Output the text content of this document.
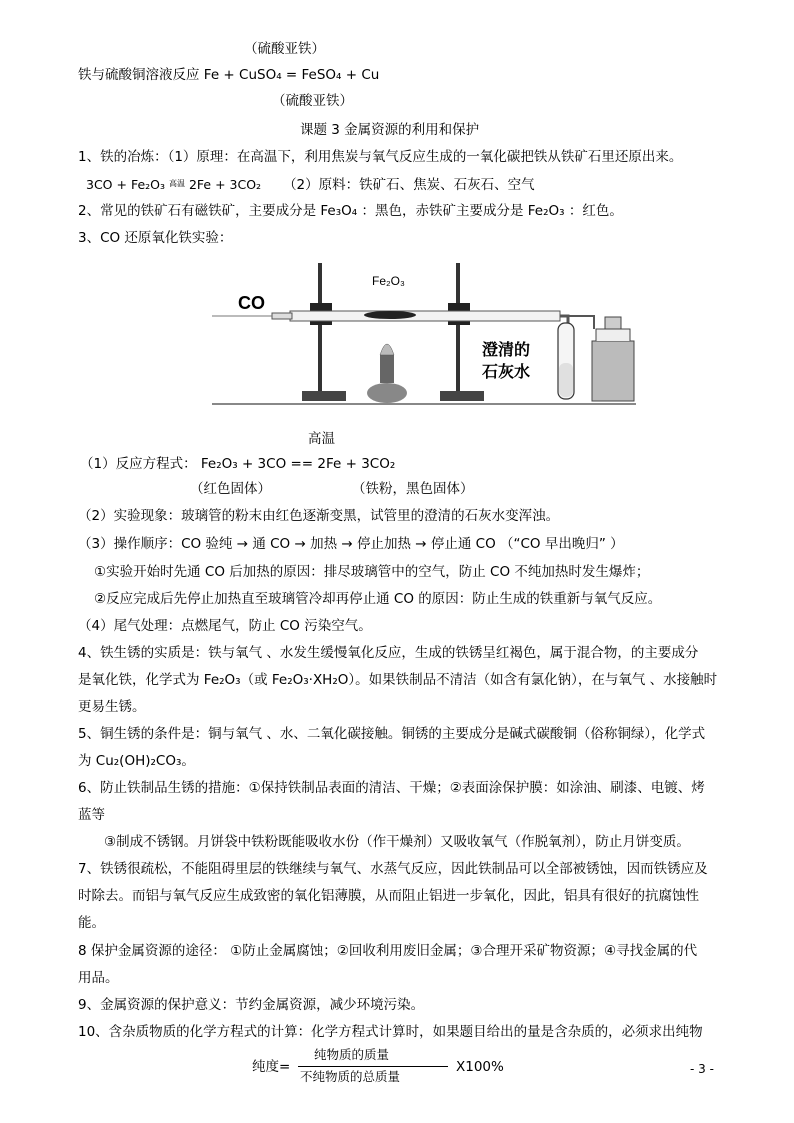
（硫酸亚铁）
铁与硫酸铜溶液反应 Fe + CuSO₄ = FeSO₄ + Cu
（硫酸亚铁）
课题 3 金属资源的利用和保护
1、铁的冶炼：（1）原理：在高温下，利用焦炭与氧气反应生成的一氧化碳把铁从铁矿石里还原出来。
3CO + Fe₂O₃ $^{高温}$ 2Fe + 3CO₂ （2）原料：铁矿石、焦炭、石灰石、空气
2、常见的铁矿石有磁铁矿，主要成分是 Fe₃O₄ ：黑色，赤铁矿主要成分是 Fe₂O₃ ：红色。
3、CO 还原氧化铁实验：
CO
Fe₂O₃
澄清的
石灰水
高温
（1）反应方程式： Fe₂O₃ + 3CO == 2Fe + 3CO₂
（红色固体）	（铁粉，黑色固体）
（2）实验现象：玻璃管的粉末由红色逐渐变黑，试管里的澄清的石灰水变浑浊。
（3）操作顺序：CO 验纯 → 通 CO → 加热 → 停止加热 → 停止通 CO （“CO 早出晚归” ）
①实验开始时先通 CO 后加热的原因：排尽玻璃管中的空气，防止 CO 不纯加热时发生爆炸；
②反应完成后先停止加热直至玻璃管冷却再停止通 CO 的原因：防止生成的铁重新与氧气反应。
（4）尾气处理：点燃尾气，防止 CO 污染空气。
4、铁生锈的实质是：铁与氧气 、水发生缓慢氧化反应，生成的铁锈呈红褐色，属于混合物，的主要成分
是氧化铁，化学式为 Fe₂O₃（或 Fe₂O₃·XH₂O）。如果铁制品不清洁（如含有氯化钠），在与氧气 、水接触时
更易生锈。
5、铜生锈的条件是：铜与氧气 、水、二氧化碳接触。铜锈的主要成分是碱式碳酸铜（俗称铜绿），化学式
为 Cu₂(OH)₂CO₃。
6、防止铁制品生锈的措施：①保持铁制品表面的清洁、干燥；②表面涂保护膜：如涂油、刷漆、电镀、烤
蓝等
③制成不锈钢。月饼袋中铁粉既能吸收水份（作干燥剂）又吸收氧气（作脱氧剂），防止月饼变质。
7、铁锈很疏松，不能阻碍里层的铁继续与氧气、水蒸气反应，因此铁制品可以全部被锈蚀，因而铁锈应及
时除去。而铝与氧气反应生成致密的氧化铝薄膜，从而阻止铝进一步氧化，因此，铝具有很好的抗腐蚀性
能。
8 保护金属资源的途径： ①防止金属腐蚀；②回收利用废旧金属；③合理开采矿物资源；④寻找金属的代
用品。
9、金属资源的保护意义：节约金属资源，减少环境污染。
10、含杂质物质的化学方程式的计算：化学方程式计算时，如果题目给出的量是含杂质的，必须求出纯物
纯度=
纯物质的质量
不纯物质的总质量
X100%	- 3 -
